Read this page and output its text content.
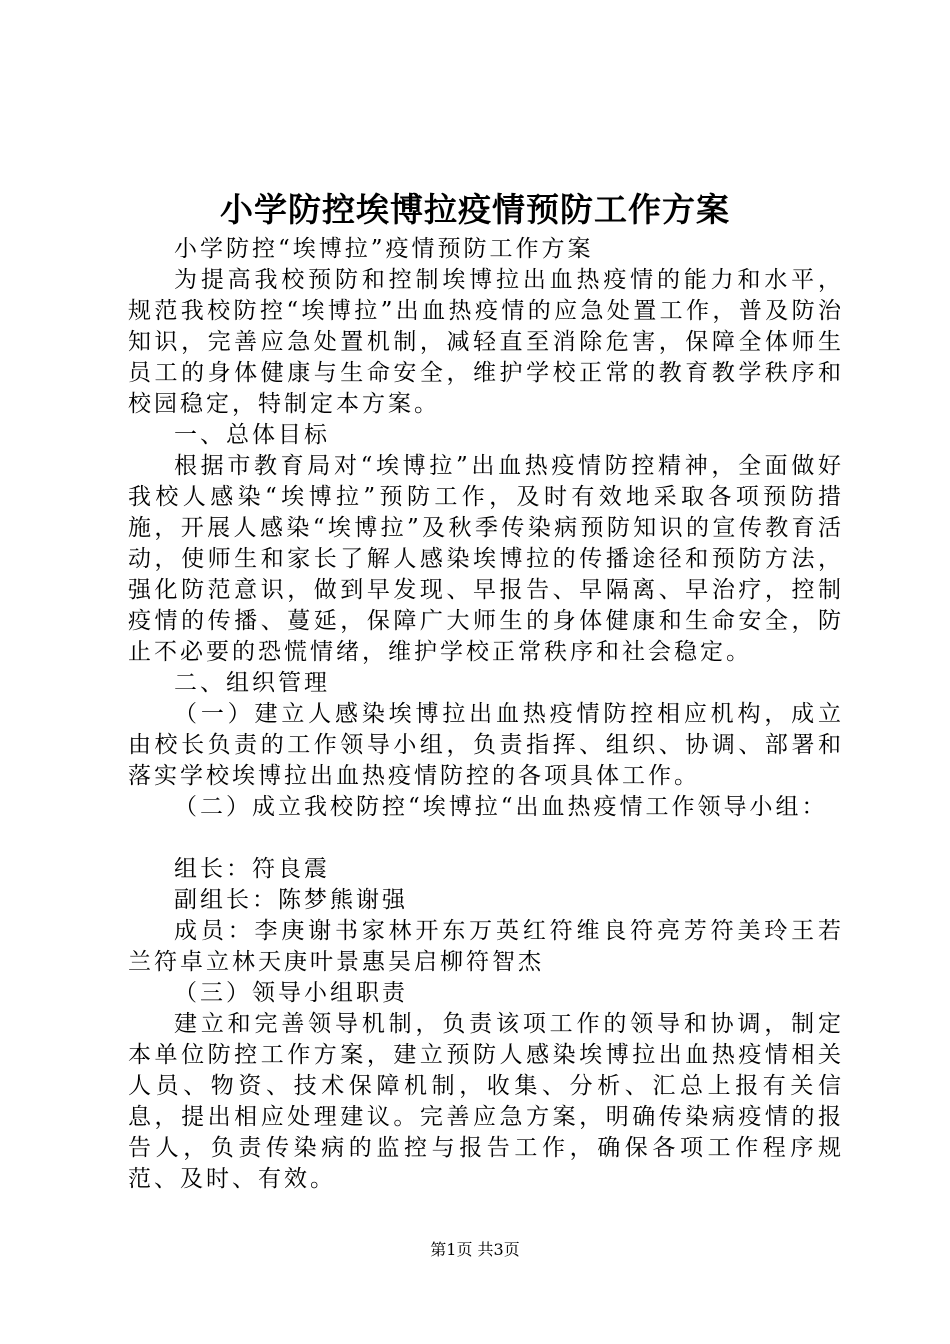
小学防控埃博拉疫情预防工作方案

小学防控“埃博拉”疫情预防工作方案

为提高我校预防和控制埃博拉出血热疫情的能力和水平，规范我校防控“埃博拉”出血热疫情的应急处置工作，普及防治知识，完善应急处置机制，减轻直至消除危害，保障全体师生员工的身体健康与生命安全，维护学校正常的教育教学秩序和校园稳定，特制定本方案。

一、总体目标

根据市教育局对“埃博拉”出血热疫情防控精神，全面做好我校人感染“埃博拉”预防工作，及时有效地采取各项预防措施，开展人感染“埃博拉”及秋季传染病预防知识的宣传教育活动，使师生和家长了解人感染埃博拉的传播途径和预防方法，强化防范意识，做到早发现、早报告、早隔离、早治疗，控制疫情的传播、蔓延，保障广大师生的身体健康和生命安全，防止不必要的恐慌情绪，维护学校正常秩序和社会稳定。

二、组织管理

（一）建立人感染埃博拉出血热疫情防控相应机构，成立由校长负责的工作领导小组，负责指挥、组织、协调、部署和落实学校埃博拉出血热疫情防控的各项具体工作。

（二）成立我校防控“埃博拉“出血热疫情工作领导小组：

组长：符良震

副组长：陈梦熊谢强

成员：李庚谢书家林开东万英红符维良符亮芳符美玲王若兰符卓立林天庚叶景惠吴启柳符智杰

（三）领导小组职责

建立和完善领导机制，负责该项工作的领导和协调，制定本单位防控工作方案，建立预防人感染埃博拉出血热疫情相关人员、物资、技术保障机制，收集、分析、汇总上报有关信息，提出相应处理建议。完善应急方案，明确传染病疫情的报告人，负责传染病的监控与报告工作，确保各项工作程序规范、及时、有效。

第1页 共3页
